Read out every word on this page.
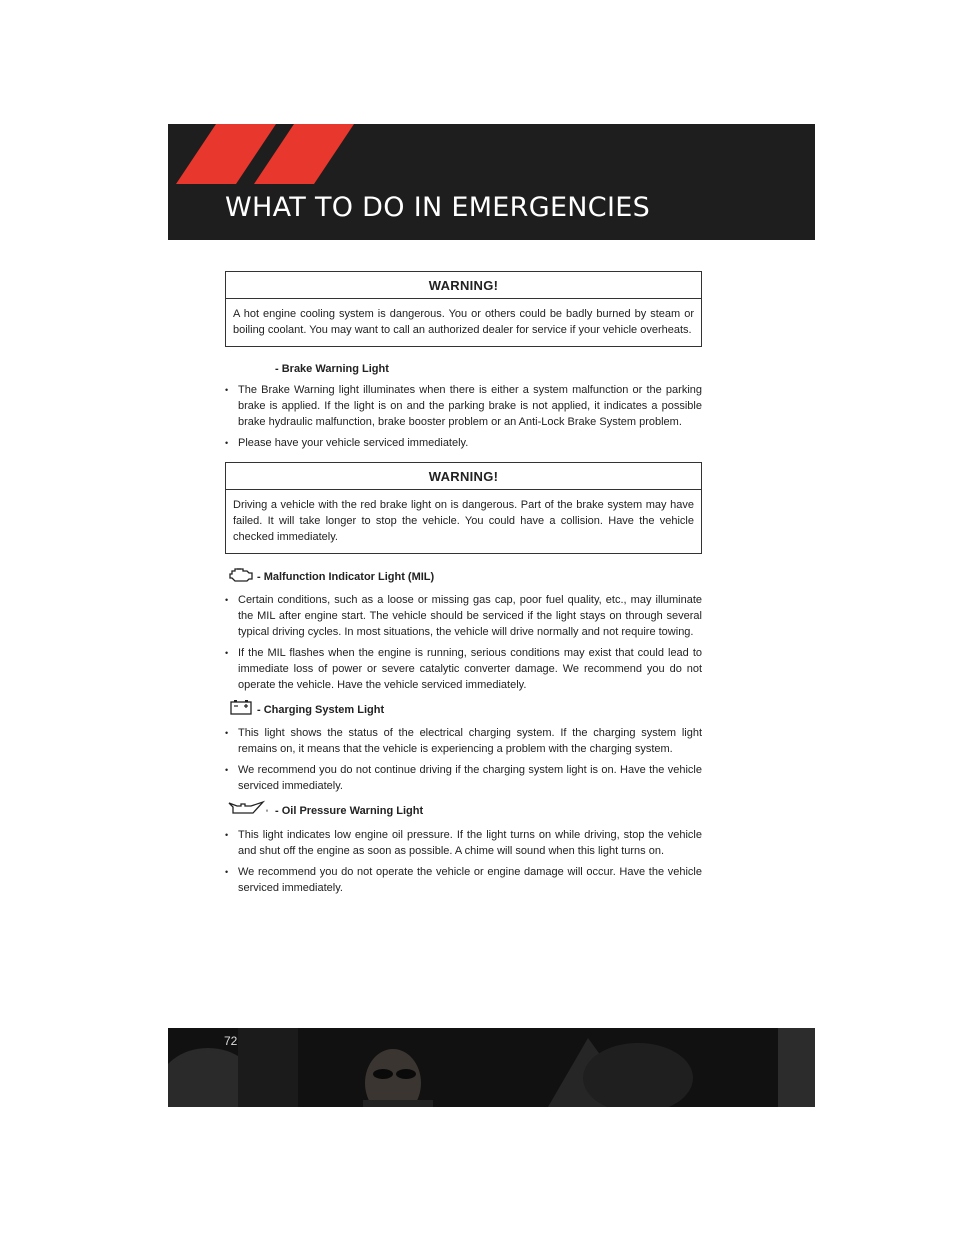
WHAT TO DO IN EMERGENCIES
WARNING!
A hot engine cooling system is dangerous. You or others could be badly burned by steam or boiling coolant. You may want to call an authorized dealer for service if your vehicle overheats.
- Brake Warning Light
• The Brake Warning light illuminates when there is either a system malfunction or the parking brake is applied. If the light is on and the parking brake is not applied, it indicates a possible brake hydraulic malfunction, brake booster problem or an Anti-Lock Brake System problem.
• Please have your vehicle serviced immediately.
WARNING!
Driving a vehicle with the red brake light on is dangerous. Part of the brake system may have failed. It will take longer to stop the vehicle. You could have a collision. Have the vehicle checked immediately.
- Malfunction Indicator Light (MIL)
• Certain conditions, such as a loose or missing gas cap, poor fuel quality, etc., may illuminate the MIL after engine start. The vehicle should be serviced if the light stays on through several typical driving cycles. In most situations, the vehicle will drive normally and not require towing.
• If the MIL flashes when the engine is running, serious conditions may exist that could lead to immediate loss of power or severe catalytic converter damage. We recommend you do not operate the vehicle. Have the vehicle serviced immediately.
- Charging System Light
• This light shows the status of the electrical charging system. If the charging system light remains on, it means that the vehicle is experiencing a problem with the charging system.
• We recommend you do not continue driving if the charging system light is on. Have the vehicle serviced immediately.
- Oil Pressure Warning Light
• This light indicates low engine oil pressure. If the light turns on while driving, stop the vehicle and shut off the engine as soon as possible. A chime will sound when this light turns on.
• We recommend you do not operate the vehicle or engine damage will occur. Have the vehicle serviced immediately.
72
